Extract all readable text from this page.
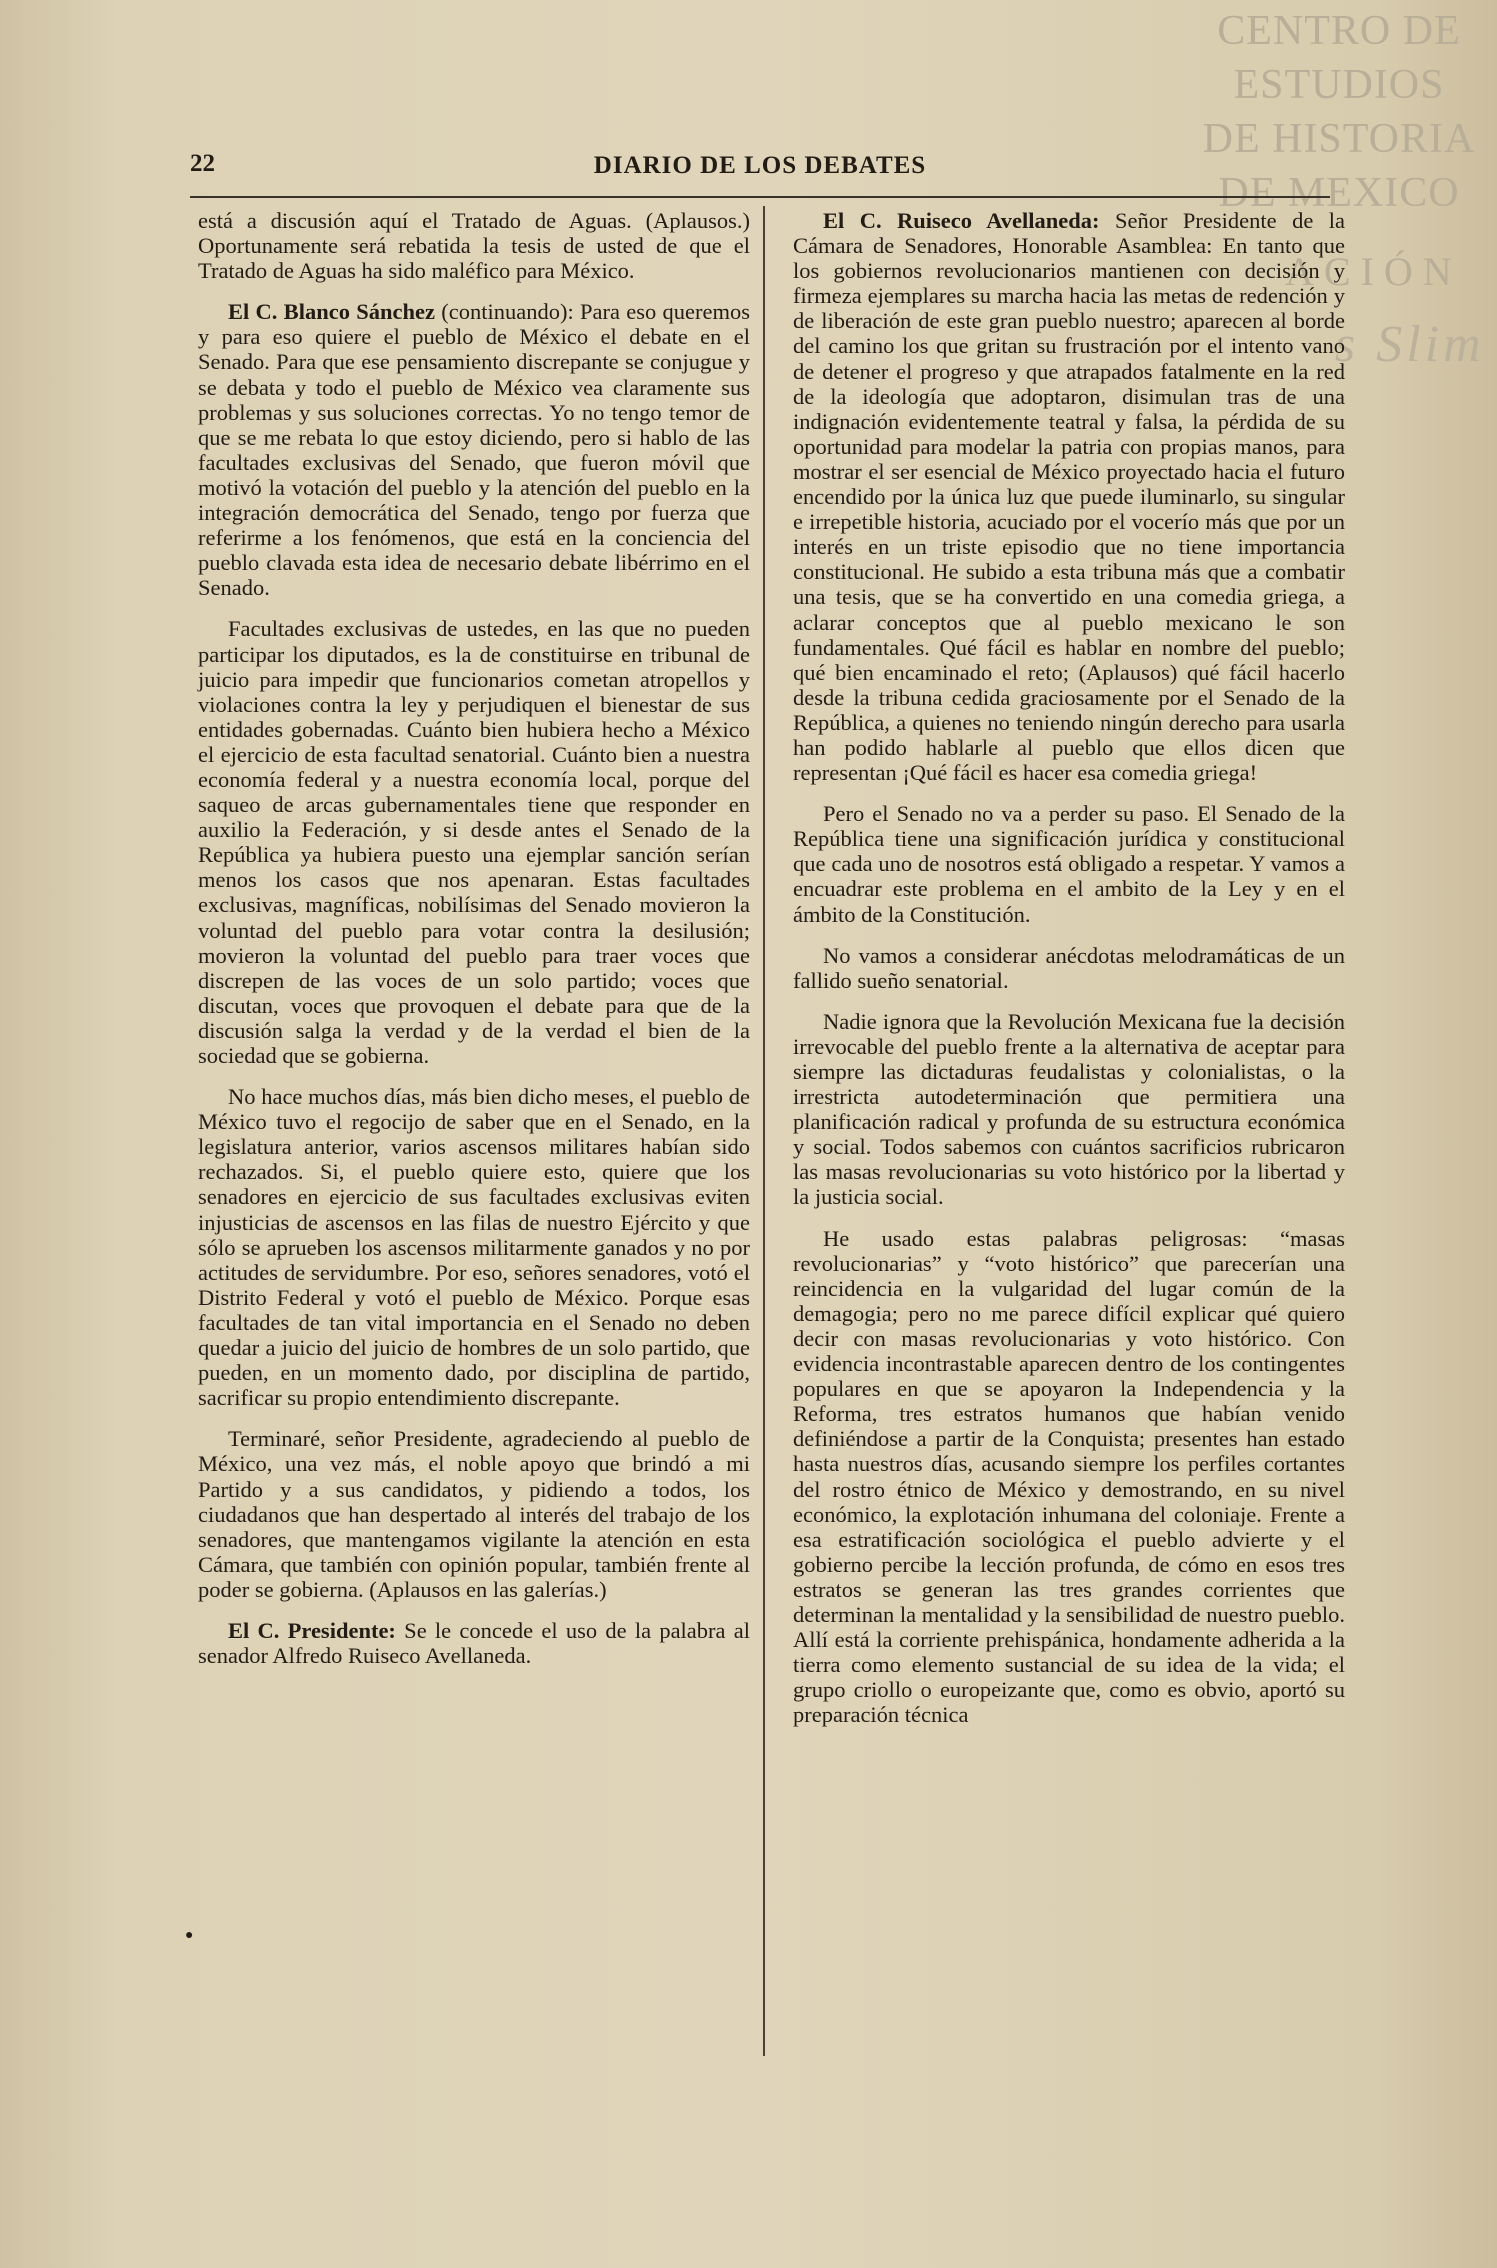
CENTRO DE
ESTUDIOS
DE HISTORIA
DE MEXICO
ACIÓN
s Slim
22	DIARIO DE LOS DEBATES

está a discusión aquí el Tratado de Aguas. (Aplausos.) Oportunamente será rebatida la tesis de usted de que el Tratado de Aguas ha sido maléfico para México.

El C. Blanco Sánchez (continuando): Para eso queremos y para eso quiere el pueblo de México el debate en el Senado. Para que ese pensamiento discrepante se conjugue y se debata y todo el pueblo de México vea claramente sus problemas y sus soluciones correctas. Yo no tengo temor de que se me rebata lo que estoy diciendo, pero si hablo de las facultades exclusivas del Senado, que fueron móvil que motivó la votación del pueblo y la atención del pueblo en la integración democrática del Senado, tengo por fuerza que referirme a los fenómenos, que está en la conciencia del pueblo clavada esta idea de necesario debate libérrimo en el Senado.

Facultades exclusivas de ustedes, en las que no pueden participar los diputados, es la de constituirse en tribunal de juicio para impedir que funcionarios cometan atropellos y violaciones contra la ley y perjudiquen el bienestar de sus entidades gobernadas. Cuánto bien hubiera hecho a México el ejercicio de esta facultad senatorial. Cuánto bien a nuestra economía federal y a nuestra economía local, porque del saqueo de arcas gubernamentales tiene que responder en auxilio la Federación, y si desde antes el Senado de la República ya hubiera puesto una ejemplar sanción serían menos los casos que nos apenaran. Estas facultades exclusivas, magníficas, nobilísimas del Senado movieron la voluntad del pueblo para votar contra la desilusión; movieron la voluntad del pueblo para traer voces que discrepen de las voces de un solo partido; voces que discutan, voces que provoquen el debate para que de la discusión salga la verdad y de la verdad el bien de la sociedad que se gobierna.

No hace muchos días, más bien dicho meses, el pueblo de México tuvo el regocijo de saber que en el Senado, en la legislatura anterior, varios ascensos militares habían sido rechazados. Si, el pueblo quiere esto, quiere que los senadores en ejercicio de sus facultades exclusivas eviten injusticias de ascensos en las filas de nuestro Ejército y que sólo se aprueben los ascensos militarmente ganados y no por actitudes de servidumbre. Por eso, señores senadores, votó el Distrito Federal y votó el pueblo de México. Porque esas facultades de tan vital importancia en el Senado no deben quedar a juicio del juicio de hombres de un solo partido, que pueden, en un momento dado, por disciplina de partido, sacrificar su propio entendimiento discrepante.

Terminaré, señor Presidente, agradeciendo al pueblo de México, una vez más, el noble apoyo que brindó a mi Partido y a sus candidatos, y pidiendo a todos, los ciudadanos que han despertado al interés del trabajo de los senadores, que mantengamos vigilante la atención en esta Cámara, que también con opinión popular, también frente al poder se gobierna. (Aplausos en las galerías.)

El C. Presidente: Se le concede el uso de la palabra al senador Alfredo Ruiseco Avellaneda.

●

El C. Ruiseco Avellaneda: Señor Presidente de la Cámara de Senadores, Honorable Asamblea: En tanto que los gobiernos revolucionarios mantienen con decisión y firmeza ejemplares su marcha hacia las metas de redención y de liberación de este gran pueblo nuestro; aparecen al borde del camino los que gritan su frustración por el intento vano de detener el progreso y que atrapados fatalmente en la red de la ideología que adoptaron, disimulan tras de una indignación evidentemente teatral y falsa, la pérdida de su oportunidad para modelar la patria con propias manos, para mostrar el ser esencial de México proyectado hacia el futuro encendido por la única luz que puede iluminarlo, su singular e irrepetible historia, acuciado por el vocerío más que por un interés en un triste episodio que no tiene importancia constitucional. He subido a esta tribuna más que a combatir una tesis, que se ha convertido en una comedia griega, a aclarar conceptos que al pueblo mexicano le son fundamentales. Qué fácil es hablar en nombre del pueblo; qué bien encaminado el reto; (Aplausos) qué fácil hacerlo desde la tribuna cedida graciosamente por el Senado de la República, a quienes no teniendo ningún derecho para usarla han podido hablarle al pueblo que ellos dicen que representan ¡Qué fácil es hacer esa comedia griega!

Pero el Senado no va a perder su paso. El Senado de la República tiene una significación jurídica y constitucional que cada uno de nosotros está obligado a respetar. Y vamos a encuadrar este problema en el ambito de la Ley y en el ámbito de la Constitución.

No vamos a considerar anécdotas melodramáticas de un fallido sueño senatorial.

Nadie ignora que la Revolución Mexicana fue la decisión irrevocable del pueblo frente a la alternativa de aceptar para siempre las dictaduras feudalistas y colonialistas, o la irrestricta autodeterminación que permitiera una planificación radical y profunda de su estructura económica y social. Todos sabemos con cuántos sacrificios rubricaron las masas revolucionarias su voto histórico por la libertad y la justicia social.

He usado estas palabras peligrosas: “masas revolucionarias” y “voto histórico” que parecerían una reincidencia en la vulgaridad del lugar común de la demagogia; pero no me parece difícil explicar qué quiero decir con masas revolucionarias y voto histórico. Con evidencia incontrastable aparecen dentro de los contingentes populares en que se apoyaron la Independencia y la Reforma, tres estratos humanos que habían venido definiéndose a partir de la Conquista; presentes han estado hasta nuestros días, acusando siempre los perfiles cortantes del rostro étnico de México y demostrando, en su nivel económico, la explotación inhumana del coloniaje. Frente a esa estratificación sociológica el pueblo advierte y el gobierno percibe la lección profunda, de cómo en esos tres estratos se generan las tres grandes corrientes que determinan la mentalidad y la sensibilidad de nuestro pueblo. Allí está la corriente prehispánica, hondamente adherida a la tierra como elemento sustancial de su idea de la vida; el grupo criollo o europeizante que, como es obvio, aportó su preparación técnica
